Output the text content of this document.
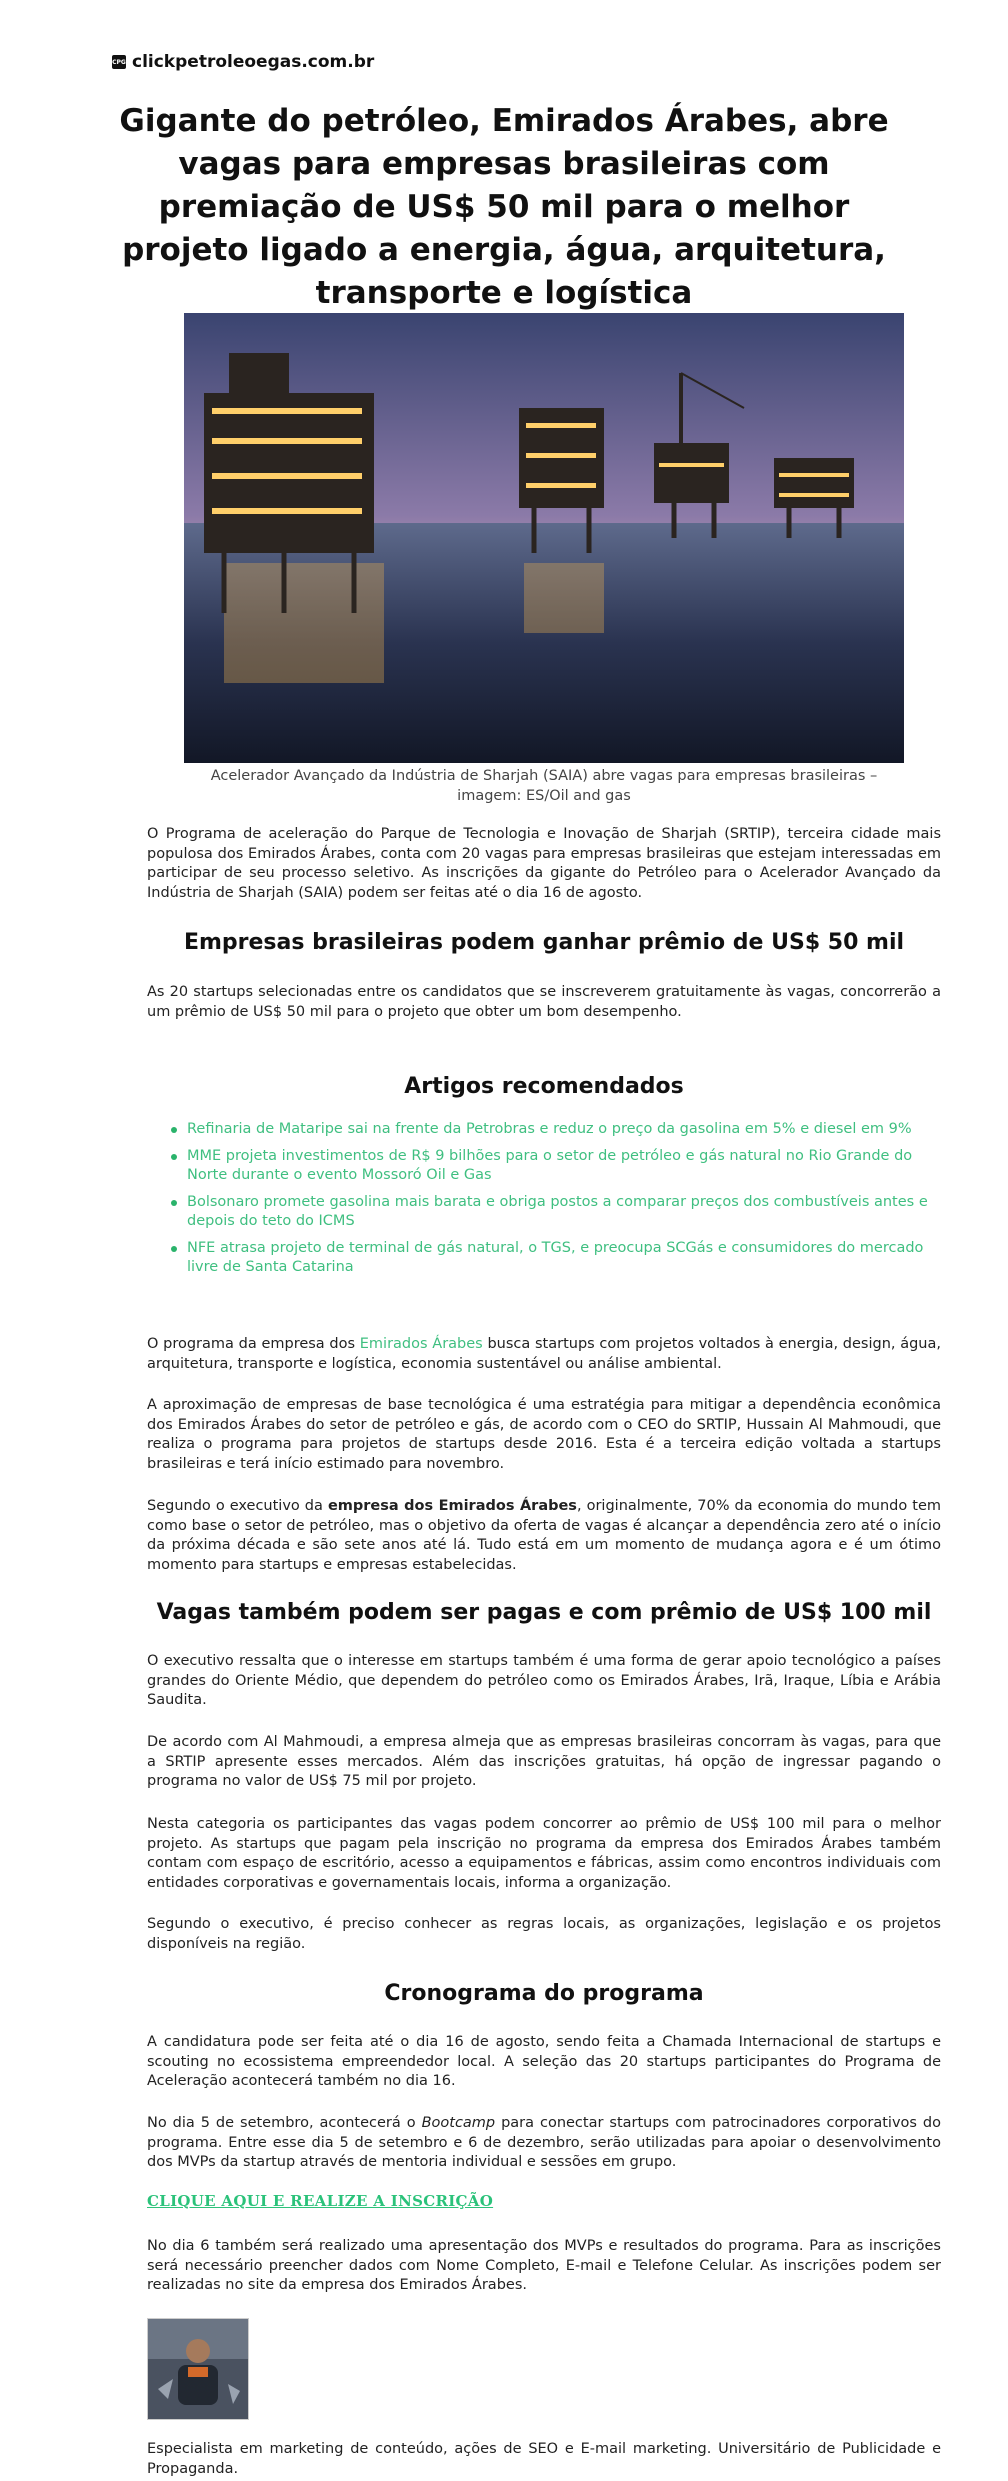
CPG clickpetroleoegas.com.br
Gigante do petróleo, Emirados Árabes, abre vagas para empresas brasileiras com premiação de US$ 50 mil para o melhor projeto ligado a energia, água, arquitetura, transporte e logística
Acelerador Avançado da Indústria de Sharjah (SAIA) abre vagas para empresas brasileiras – imagem: ES/Oil and gas

O Programa de aceleração do Parque de Tecnologia e Inovação de Sharjah (SRTIP), terceira cidade mais populosa dos Emirados Árabes, conta com 20 vagas para empresas brasileiras que estejam interessadas em participar de seu processo seletivo. As inscrições da gigante do Petróleo para o Acelerador Avançado da Indústria de Sharjah (SAIA) podem ser feitas até o dia 16 de agosto.

Empresas brasileiras podem ganhar prêmio de US$ 50 mil

As 20 startups selecionadas entre os candidatos que se inscreverem gratuitamente às vagas, concorrerão a um prêmio de US$ 50 mil para o projeto que obter um bom desempenho.

Artigos recomendados
Refinaria de Mataripe sai na frente da Petrobras e reduz o preço da gasolina em 5% e diesel em 9%
MME projeta investimentos de R$ 9 bilhões para o setor de petróleo e gás natural no Rio Grande do Norte durante o evento Mossoró Oil e Gas
Bolsonaro promete gasolina mais barata e obriga postos a comparar preços dos combustíveis antes e depois do teto do ICMS
NFE atrasa projeto de terminal de gás natural, o TGS, e preocupa SCGás e consumidores do mercado livre de Santa Catarina

O programa da empresa dos Emirados Árabes busca startups com projetos voltados à energia, design, água, arquitetura, transporte e logística, economia sustentável ou análise ambiental.

A aproximação de empresas de base tecnológica é uma estratégia para mitigar a dependência econômica dos Emirados Árabes do setor de petróleo e gás, de acordo com o CEO do SRTIP, Hussain Al Mahmoudi, que realiza o programa para projetos de startups desde 2016. Esta é a terceira edição voltada a startups brasileiras e terá início estimado para novembro.

Segundo o executivo da empresa dos Emirados Árabes, originalmente, 70% da economia do mundo tem como base o setor de petróleo, mas o objetivo da oferta de vagas é alcançar a dependência zero até o início da próxima década e são sete anos até lá. Tudo está em um momento de mudança agora e é um ótimo momento para startups e empresas estabelecidas.

Vagas também podem ser pagas e com prêmio de US$ 100 mil

O executivo ressalta que o interesse em startups também é uma forma de gerar apoio tecnológico a países grandes do Oriente Médio, que dependem do petróleo como os Emirados Árabes, Irã, Iraque, Líbia e Arábia Saudita.

De acordo com Al Mahmoudi, a empresa almeja que as empresas brasileiras concorram às vagas, para que a SRTIP apresente esses mercados. Além das inscrições gratuitas, há opção de ingressar pagando o programa no valor de US$ 75 mil por projeto.

Nesta categoria os participantes das vagas podem concorrer ao prêmio de US$ 100 mil para o melhor projeto. As startups que pagam pela inscrição no programa da empresa dos Emirados Árabes também contam com espaço de escritório, acesso a equipamentos e fábricas, assim como encontros individuais com entidades corporativas e governamentais locais, informa a organização.

Segundo o executivo, é preciso conhecer as regras locais, as organizações, legislação e os projetos disponíveis na região.

Cronograma do programa

A candidatura pode ser feita até o dia 16 de agosto, sendo feita a Chamada Internacional de startups e scouting no ecossistema empreendedor local. A seleção das 20 startups participantes do Programa de Aceleração acontecerá também no dia 16.

No dia 5 de setembro, acontecerá o Bootcamp para conectar startups com patrocinadores corporativos do programa. Entre esse dia 5 de setembro e 6 de dezembro, serão utilizadas para apoiar o desenvolvimento dos MVPs da startup através de mentoria individual e sessões em grupo.

CLIQUE AQUI E REALIZE A INSCRIÇÃO

No dia 6 também será realizado uma apresentação dos MVPs e resultados do programa. Para as inscrições será necessário preencher dados com Nome Completo, E-mail e Telefone Celular. As inscrições podem ser realizadas no site da empresa dos Emirados Árabes.

Especialista em marketing de conteúdo, ações de SEO e E-mail marketing. Universitário de Publicidade e Propaganda.
